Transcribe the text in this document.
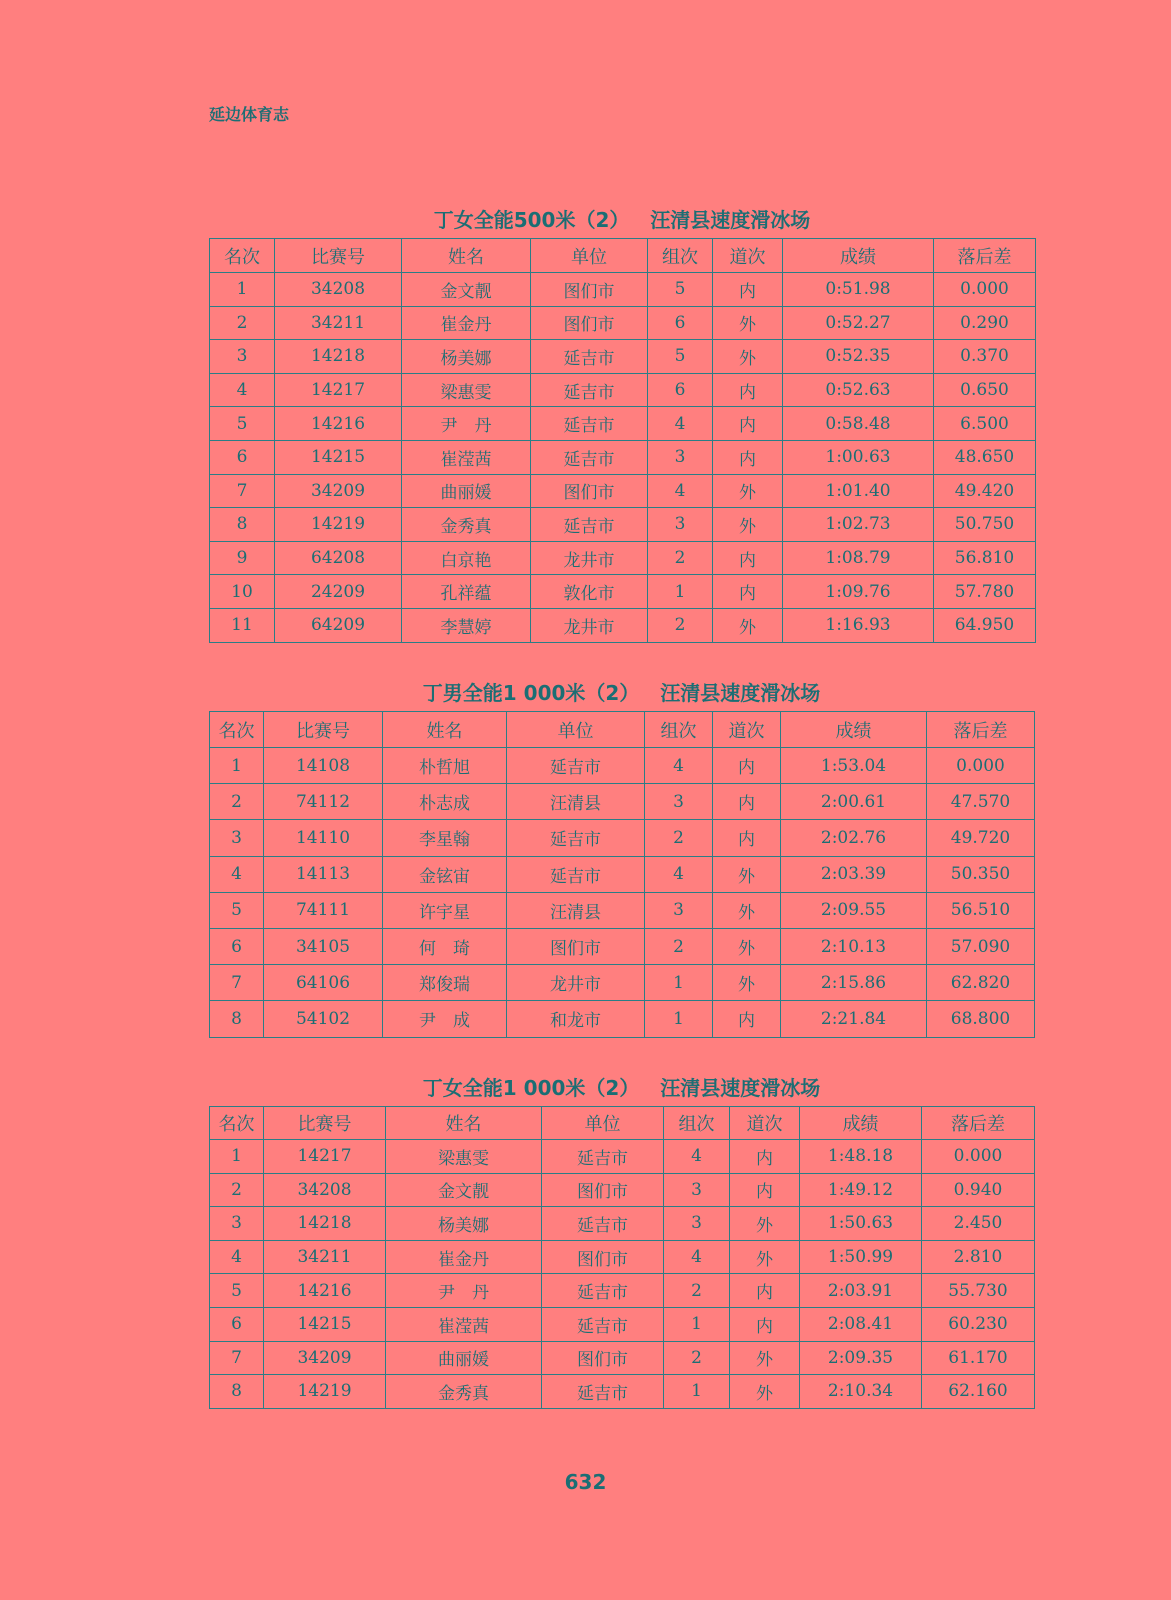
延边体育志
丁女全能500米（2）   汪清县速度滑冰场
名次	比赛号	姓名	单位	组次	道次	成绩	落后差
1	34208	金文靓	图们市	5	内	0:51.98	0.000
2	34211	崔金丹	图们市	6	外	0:52.27	0.290
3	14218	杨美娜	延吉市	5	外	0:52.35	0.370
4	14217	梁惠雯	延吉市	6	内	0:52.63	0.650
5	14216	尹　丹	延吉市	4	内	0:58.48	6.500
6	14215	崔滢茜	延吉市	3	内	1:00.63	48.650
7	34209	曲丽媛	图们市	4	外	1:01.40	49.420
8	14219	金秀真	延吉市	3	外	1:02.73	50.750
9	64208	白京艳	龙井市	2	内	1:08.79	56.810
10	24209	孔祥蕴	敦化市	1	内	1:09.76	57.780
11	64209	李慧婷	龙井市	2	外	1:16.93	64.950
丁男全能1 000米（2）   汪清县速度滑冰场
名次	比赛号	姓名	单位	组次	道次	成绩	落后差
1	14108	朴哲旭	延吉市	4	内	1:53.04	0.000
2	74112	朴志成	汪清县	3	内	2:00.61	47.570
3	14110	李星翰	延吉市	2	内	2:02.76	49.720
4	14113	金铉宙	延吉市	4	外	2:03.39	50.350
5	74111	许宇星	汪清县	3	外	2:09.55	56.510
6	34105	何　琦	图们市	2	外	2:10.13	57.090
7	64106	郑俊瑞	龙井市	1	外	2:15.86	62.820
8	54102	尹　成	和龙市	1	内	2:21.84	68.800
丁女全能1 000米（2）   汪清县速度滑冰场
名次	比赛号	姓名	单位	组次	道次	成绩	落后差
1	14217	梁惠雯	延吉市	4	内	1:48.18	0.000
2	34208	金文靓	图们市	3	内	1:49.12	0.940
3	14218	杨美娜	延吉市	3	外	1:50.63	2.450
4	34211	崔金丹	图们市	4	外	1:50.99	2.810
5	14216	尹　丹	延吉市	2	内	2:03.91	55.730
6	14215	崔滢茜	延吉市	1	内	2:08.41	60.230
7	34209	曲丽媛	图们市	2	外	2:09.35	61.170
8	14219	金秀真	延吉市	1	外	2:10.34	62.160
632
